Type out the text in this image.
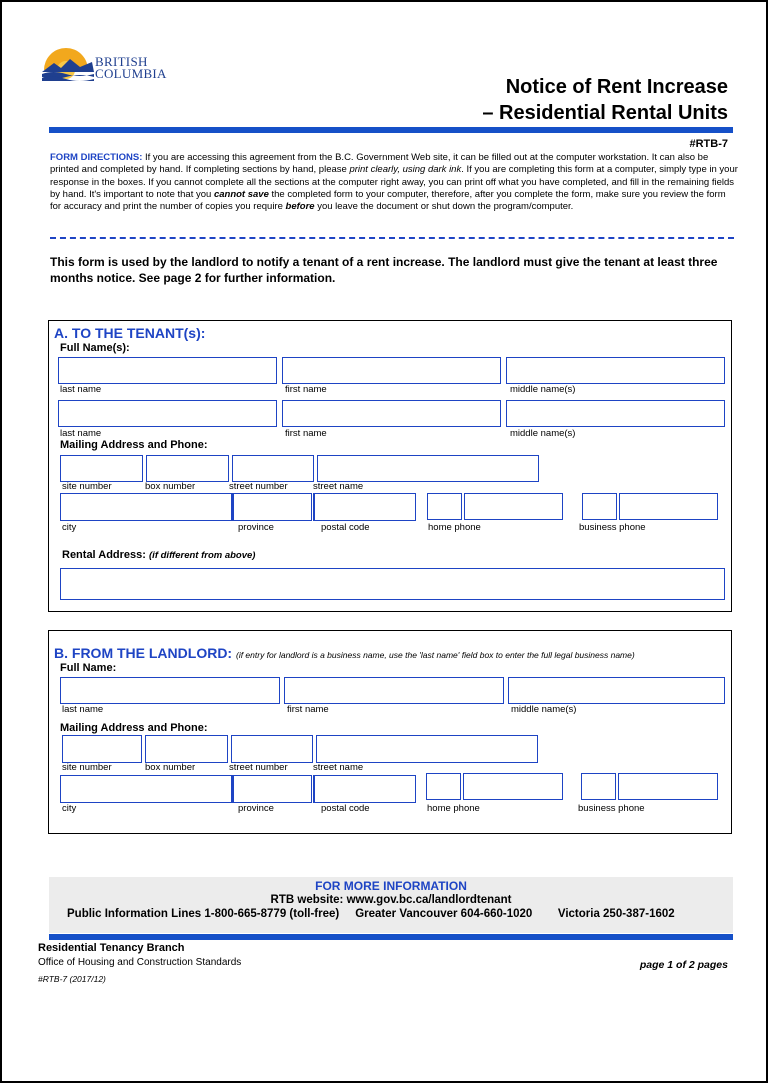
BRITISH
COLUMBIA
Notice of Rent Increase
– Residential Rental Units
#RTB-7
FORM DIRECTIONS: If you are accessing this agreement from the B.C. Government Web site, it can be filled out at the computer workstation. It can also be printed and completed by hand. If completing sections by hand, please print clearly, using dark ink. If you are completing this form at a computer, simply type in your response in the boxes. If you cannot complete all the sections at the computer right away, you can print off what you have completed, and fill in the remaining fields by hand. It's important to note that you cannot save the completed form to your computer, therefore, after you complete the form, make sure you review the form for accuracy and print the number of copies you require before you leave the document or shut down the program/computer.
This form is used by the landlord to notify a tenant of a rent increase. The landlord must give the tenant at least three months notice. See page 2 for further information.
A. TO THE TENANT(s):
Full Name(s):
last name	first name	middle name(s)
last name	first name	middle name(s)
Mailing Address and Phone:
site number	box number	street number	street name
city	province	postal code	home phone	business phone
Rental Address: (if different from above)
B. FROM THE LANDLORD: (if entry for landlord is a business name, use the 'last name' field box to enter the full legal business name)
Full Name:
last name	first name	middle name(s)
Mailing Address and Phone:
site number	box number	street number	street name
city	province	postal code	home phone	business phone
FOR MORE INFORMATION
RTB website: www.gov.bc.ca/landlordtenant
Public Information Lines 1-800-665-8779 (toll-free)     Greater Vancouver 604-660-1020        Victoria 250-387-1602
Residential Tenancy Branch
Office of Housing and Construction Standards
#RTB-7 (2017/12)
page 1 of 2 pages
